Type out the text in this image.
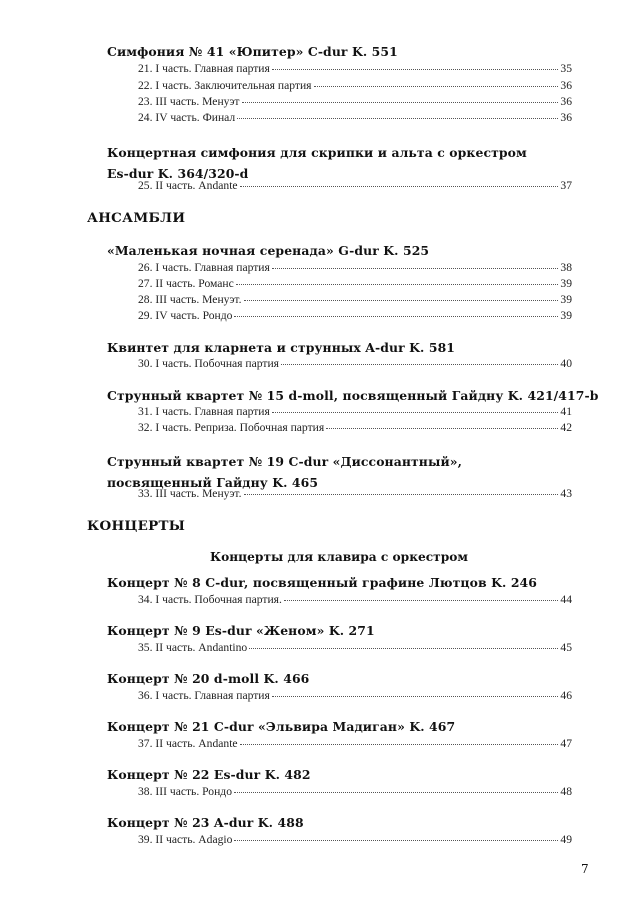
Симфония № 41 «Юпитер» C-dur K. 551
21. I часть. Главная партия	35
22. I часть. Заключительная партия	36
23. III часть. Менуэт	36
24. IV часть. Финал	36
Концертная симфония для скрипки и альта с оркестром Es-dur K. 364/320-d
25. II часть. Andante	37
АНСАМБЛИ
«Маленькая ночная серенада» G-dur K. 525
26. I часть. Главная партия	38
27. II часть. Романс	39
28. III часть. Менуэт.	39
29. IV часть. Рондо	39
Квинтет для кларнета и струнных A-dur K. 581
30. I часть. Побочная партия	40
Струнный квартет № 15 d-moll, посвященный Гайдну K. 421/417-b
31. I часть. Главная партия	41
32. I часть. Реприза. Побочная партия	42
Струнный квартет № 19 C-dur «Диссонантный», посвященный Гайдну K. 465
33. III часть. Менуэт.	43
КОНЦЕРТЫ
Концерты для клавира с оркестром
Концерт № 8 C-dur, посвященный графине Лютцов K. 246
34. I часть. Побочная партия.	44
Концерт № 9 Es-dur «Женом» K. 271
35. II часть. Andantino	45
Концерт № 20 d-moll K. 466
36. I часть. Главная партия	46
Концерт № 21 C-dur «Эльвира Мадиган» K. 467
37. II часть. Andante	47
Концерт № 22 Es-dur K. 482
38. III часть. Рондо	48
Концерт № 23 A-dur K. 488
39. II часть. Adagio	49
7
